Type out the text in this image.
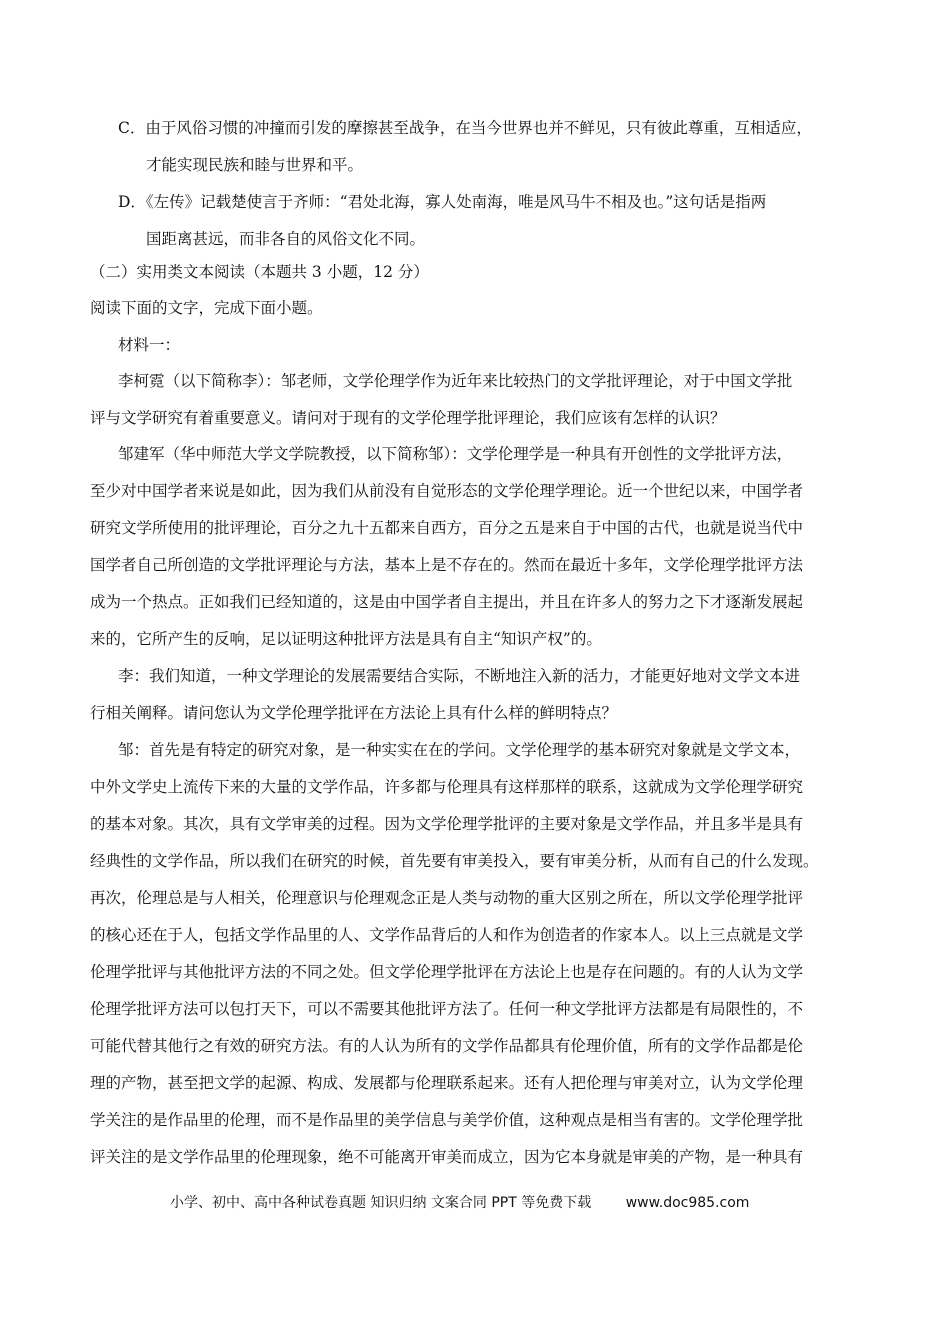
C．由于风俗习惯的冲撞而引发的摩擦甚至战争，在当今世界也并不鲜见，只有彼此尊重，互相适应，
才能实现民族和睦与世界和平。
D．《左传》记载楚使言于齐师：“君处北海，寡人处南海，唯是风马牛不相及也。”这句话是指两
国距离甚远，而非各自的风俗文化不同。
（二）实用类文本阅读（本题共 3 小题，12 分）
阅读下面的文字，完成下面小题。
材料一：
李柯霓（以下简称李）：邹老师，文学伦理学作为近年来比较热门的文学批评理论，对于中国文学批
评与文学研究有着重要意义。请问对于现有的文学伦理学批评理论，我们应该有怎样的认识？
邹建军（华中师范大学文学院教授，以下简称邹）：文学伦理学是一种具有开创性的文学批评方法，
至少对中国学者来说是如此，因为我们从前没有自觉形态的文学伦理学理论。近一个世纪以来，中国学者
研究文学所使用的批评理论，百分之九十五都来自西方，百分之五是来自于中国的古代，也就是说当代中
国学者自己所创造的文学批评理论与方法，基本上是不存在的。然而在最近十多年，文学伦理学批评方法
成为一个热点。正如我们已经知道的，这是由中国学者自主提出，并且在许多人的努力之下才逐渐发展起
来的，它所产生的反响，足以证明这种批评方法是具有自主“知识产权”的。
李：我们知道，一种文学理论的发展需要结合实际，不断地注入新的活力，才能更好地对文学文本进
行相关阐释。请问您认为文学伦理学批评在方法论上具有什么样的鲜明特点？
邹：首先是有特定的研究对象，是一种实实在在的学问。文学伦理学的基本研究对象就是文学文本，
中外文学史上流传下来的大量的文学作品，许多都与伦理具有这样那样的联系，这就成为文学伦理学研究
的基本对象。其次，具有文学审美的过程。因为文学伦理学批评的主要对象是文学作品，并且多半是具有
经典性的文学作品，所以我们在研究的时候，首先要有审美投入，要有审美分析，从而有自己的什么发现。
再次，伦理总是与人相关，伦理意识与伦理观念正是人类与动物的重大区别之所在，所以文学伦理学批评
的核心还在于人，包括文学作品里的人、文学作品背后的人和作为创造者的作家本人。以上三点就是文学
伦理学批评与其他批评方法的不同之处。但文学伦理学批评在方法论上也是存在问题的。有的人认为文学
伦理学批评方法可以包打天下，可以不需要其他批评方法了。任何一种文学批评方法都是有局限性的，不
可能代替其他行之有效的研究方法。有的人认为所有的文学作品都具有伦理价值，所有的文学作品都是伦
理的产物，甚至把文学的起源、构成、发展都与伦理联系起来。还有人把伦理与审美对立，认为文学伦理
学关注的是作品里的伦理，而不是作品里的美学信息与美学价值，这种观点是相当有害的。文学伦理学批
评关注的是文学作品里的伦理现象，绝不可能离开审美而成立，因为它本身就是审美的产物，是一种具有
小学、初中、高中各种试卷真题 知识归纳 文案合同 PPT 等免费下载 www.doc985.com
